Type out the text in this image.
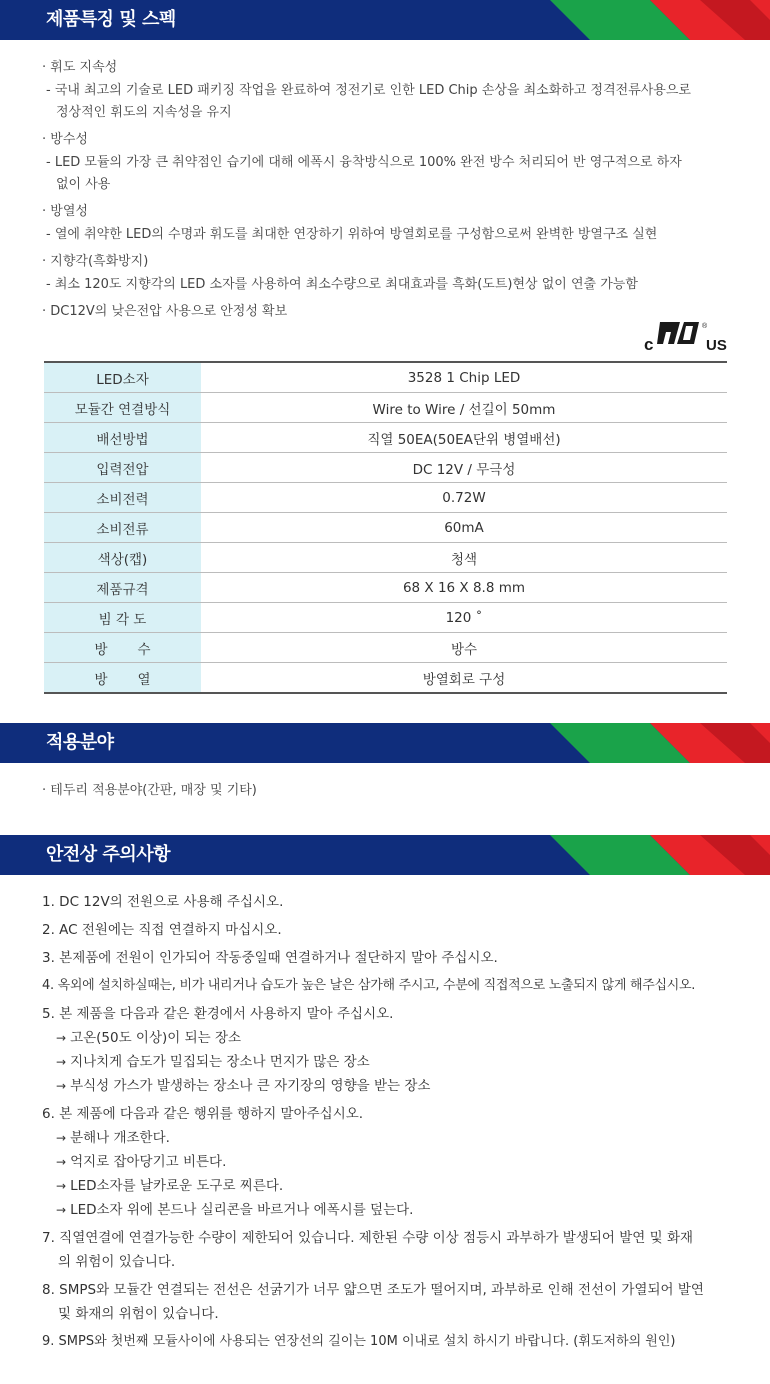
제품특징 및 스펙
· 휘도 지속성
- 국내 최고의 기술로 LED 패키징 작업을 완료하여 정전기로 인한 LED Chip 손상을 최소화하고 정격전류사용으로
정상적인 휘도의 지속성을 유지
· 방수성
- LED 모듈의 가장 큰 취약점인 습기에 대해 에폭시 융착방식으로 100% 완전 방수 처리되어 반 영구적으로 하자
없이 사용
· 방열성
- 열에 취약한 LED의 수명과 휘도를 최대한 연장하기 위하여 방열회로를 구성함으로써 완벽한 방열구조 실현
· 지향각(흑화방지)
- 최소 120도 지향각의 LED 소자를 사용하여 최소수량으로 최대효과를 흑화(도트)현상 없이 연출 가능함
· DC12V의 낮은전압 사용으로 안정성 확보
c
®
US
LED소자	3528 1 Chip LED
모듈간 연결방식	Wire to Wire / 선길이 50mm
배선방법	직열 50EA(50EA단위 병열배선)
입력전압	DC 12V / 무극성
소비전력	0.72W
소비전류	60mA
색상(캡)	청색
제품규격	68 X 16 X 8.8 mm
빔 각 도	120 ˚
방       수	방수
방       열	방열회로 구성
적용분야
· 테두리 적용분야(간판, 매장 및 기타)
안전상 주의사항
1. DC 12V의 전원으로 사용해 주십시오.
2. AC 전원에는 직접 연결하지 마십시오.
3. 본제품에 전원이 인가되어 작동중일때 연결하거나 절단하지 말아 주십시오.
4. 옥외에 설치하실때는, 비가 내리거나 습도가 높은 날은 삼가해 주시고, 수분에 직접적으로 노출되지 않게 해주십시오.
5. 본 제품을 다음과 같은 환경에서 사용하지 말아 주십시오.
→ 고온(50도 이상)이 되는 장소
→ 지나치게 습도가 밀집되는 장소나 먼지가 많은 장소
→ 부식성 가스가 발생하는 장소나 큰 자기장의 영향을 받는 장소
6. 본 제품에 다음과 같은 행위를 행하지 말아주십시오.
→ 분해나 개조한다.
→ 억지로 잡아당기고 비튼다.
→ LED소자를 날카로운 도구로 찌른다.
→ LED소자 위에 본드나 실리콘을 바르거나 에폭시를 덮는다.
7. 직열연결에 연결가능한 수량이 제한되어 있습니다. 제한된 수량 이상 점등시 과부하가 발생되어 발연 및 화재의 위험이 있습니다.
8. SMPS와 모듈간 연결되는 전선은 선굵기가 너무 얇으면 조도가 떨어지며, 과부하로 인해 전선이 가열되어 발연 및 화재의 위험이 있습니다.
9. SMPS와 첫번째 모듈사이에 사용되는 연장선의 길이는 10M 이내로 설치 하시기 바랍니다. (휘도저하의 원인)
